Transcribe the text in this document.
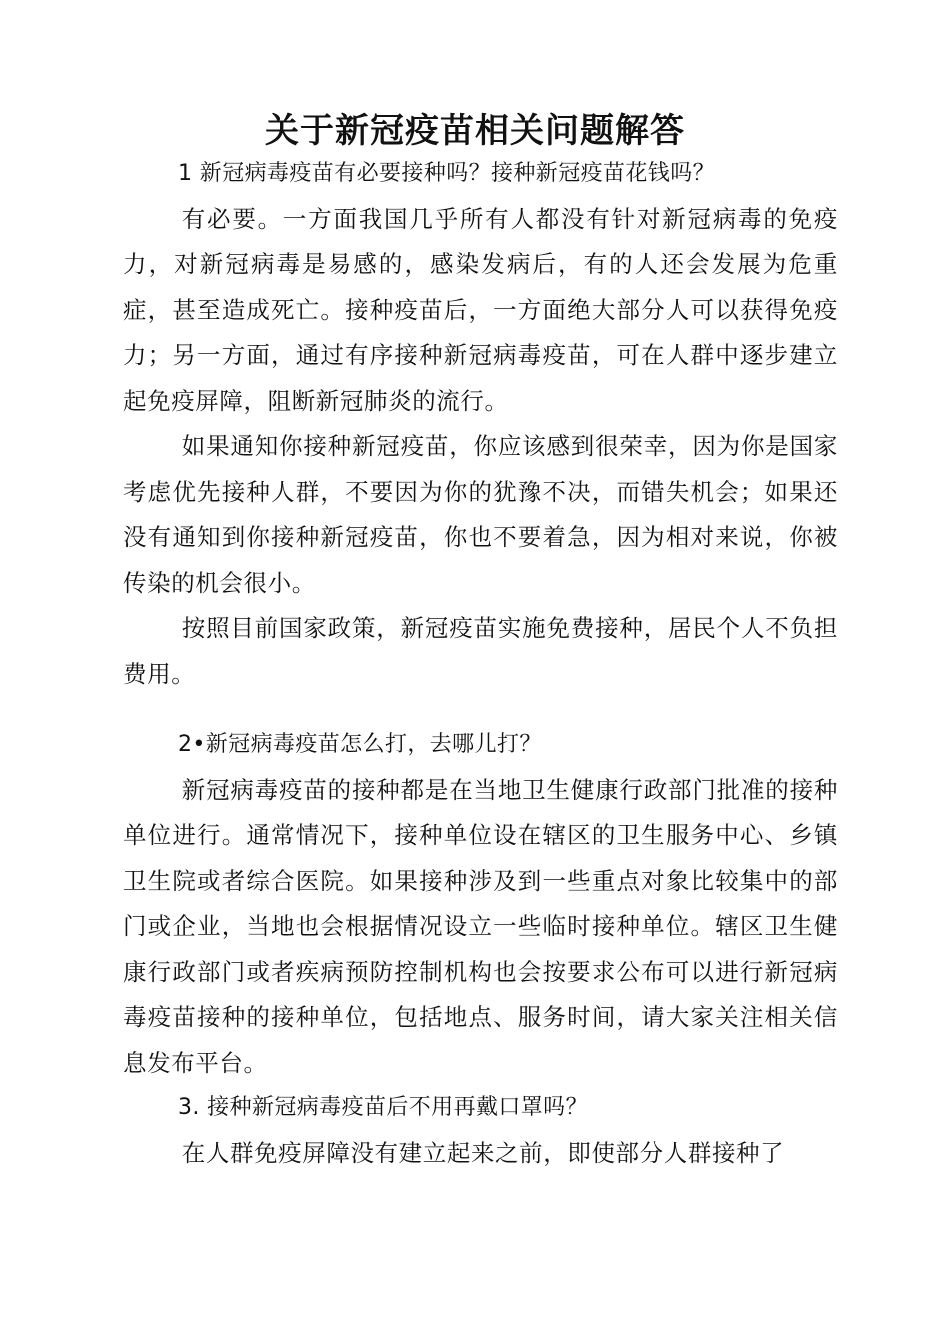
关于新冠疫苗相关问题解答
1 新冠病毒疫苗有必要接种吗？接种新冠疫苗花钱吗？

有必要。一方面我国几乎所有人都没有针对新冠病毒的免疫力，对新冠病毒是易感的，感染发病后，有的人还会发展为危重症，甚至造成死亡。接种疫苗后，一方面绝大部分人可以获得免疫力；另一方面，通过有序接种新冠病毒疫苗，可在人群中逐步建立起免疫屏障，阻断新冠肺炎的流行。

如果通知你接种新冠疫苗，你应该感到很荣幸，因为你是国家考虑优先接种人群，不要因为你的犹豫不决，而错失机会；如果还没有通知到你接种新冠疫苗，你也不要着急，因为相对来说，你被传染的机会很小。

按照目前国家政策，新冠疫苗实施免费接种，居民个人不负担费用。

2•新冠病毒疫苗怎么打，去哪儿打？

新冠病毒疫苗的接种都是在当地卫生健康行政部门批准的接种单位进行。通常情况下，接种单位设在辖区的卫生服务中心、乡镇卫生院或者综合医院。如果接种涉及到一些重点对象比较集中的部门或企业，当地也会根据情况设立一些临时接种单位。辖区卫生健康行政部门或者疾病预防控制机构也会按要求公布可以进行新冠病毒疫苗接种的接种单位，包括地点、服务时间，请大家关注相关信息发布平台。

3. 接种新冠病毒疫苗后不用再戴口罩吗？

在人群免疫屏障没有建立起来之前，即使部分人群接种了
